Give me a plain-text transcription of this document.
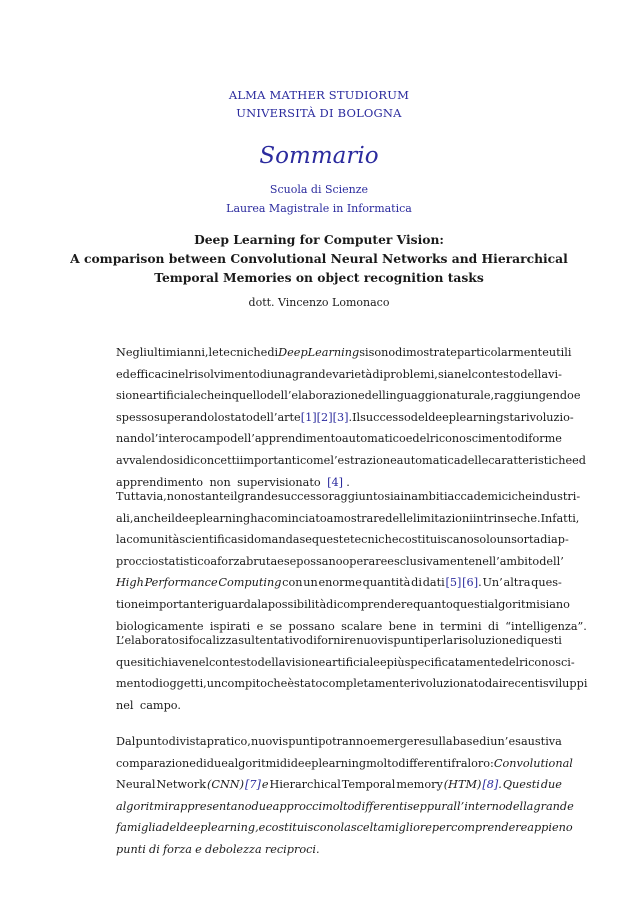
ALMA MATHER STUDIORUM
UNIVERSITÀ DI BOLOGNA
Sommario
Scuola di Scienze
Laurea Magistrale in Informatica
Deep Learning for Computer Vision:
A comparison between Convolutional Neural Networks and Hierarchical
Temporal Memories on object recognition tasks
dott. Vincenzo Lomonaco
Negli ultimi anni, le tecniche di Deep Learning si sono dimostrate particolarmente utili
ed efficaci nel risolvimento di una grande varietà di problemi, sia nel contesto della vi-
sione artificiale che in quello dell’ elaborazione del linguaggio naturale, raggiungendo e
spesso superando lo stato dell’arte [1] [2] [3]. Il successo del deep learning sta rivoluzio-
nando l’intero campo dell’ apprendimento automatico e del riconoscimento di forme
avvalendosi di concetti importanti come l’ estrazione automatica delle caratteristiche ed
apprendimento non supervisionato [4] .
Tuttavia, nonostante il grande successo raggiunto sia in ambiti accademici che industri-
ali, anche il deep learning ha cominciato a mostrare delle limitazioni intrinseche. Infatti,
la comunità scientifica si domanda se queste tecniche costituiscano solo un sorta di ap-
proccio statistico a forza bruta e se possano operare esclusivamente nell’ambito dell’
High Performance Computing con un enorme quantità di dati [5] [6]. Un’ altra ques-
tione importante riguarda la possibilità di comprendere quanto questi algoritmi siano
biologicamente ispirati e se possano scalare bene in termini di “intelligenza”.
L’ elaborato si focalizza sul tentativo di fornire nuovi spunti per la risoluzione di questi
quesiti chiave nel contesto della visione artificiale e più specificatamente del riconosci-
mento di oggetti, un compito che è stato completamente rivoluzionato dai recenti sviluppi
nel campo.
Dal punto di vista pratico, nuovi spunti potranno emergere sulla base di un’ esaustiva
comparazione di due algoritmi di deep learning molto differenti fra loro: Convolutional
Neural Network (CNN) [7] e Hierarchical Temporal memory (HTM) [8]. Questi due
algoritmi rappresentano due approcci molto differenti seppur all’interno della grande
famiglia del deep learning, e costituiscono la scelta migliore per comprendere appieno
punti di forza e debolezza reciproci.
